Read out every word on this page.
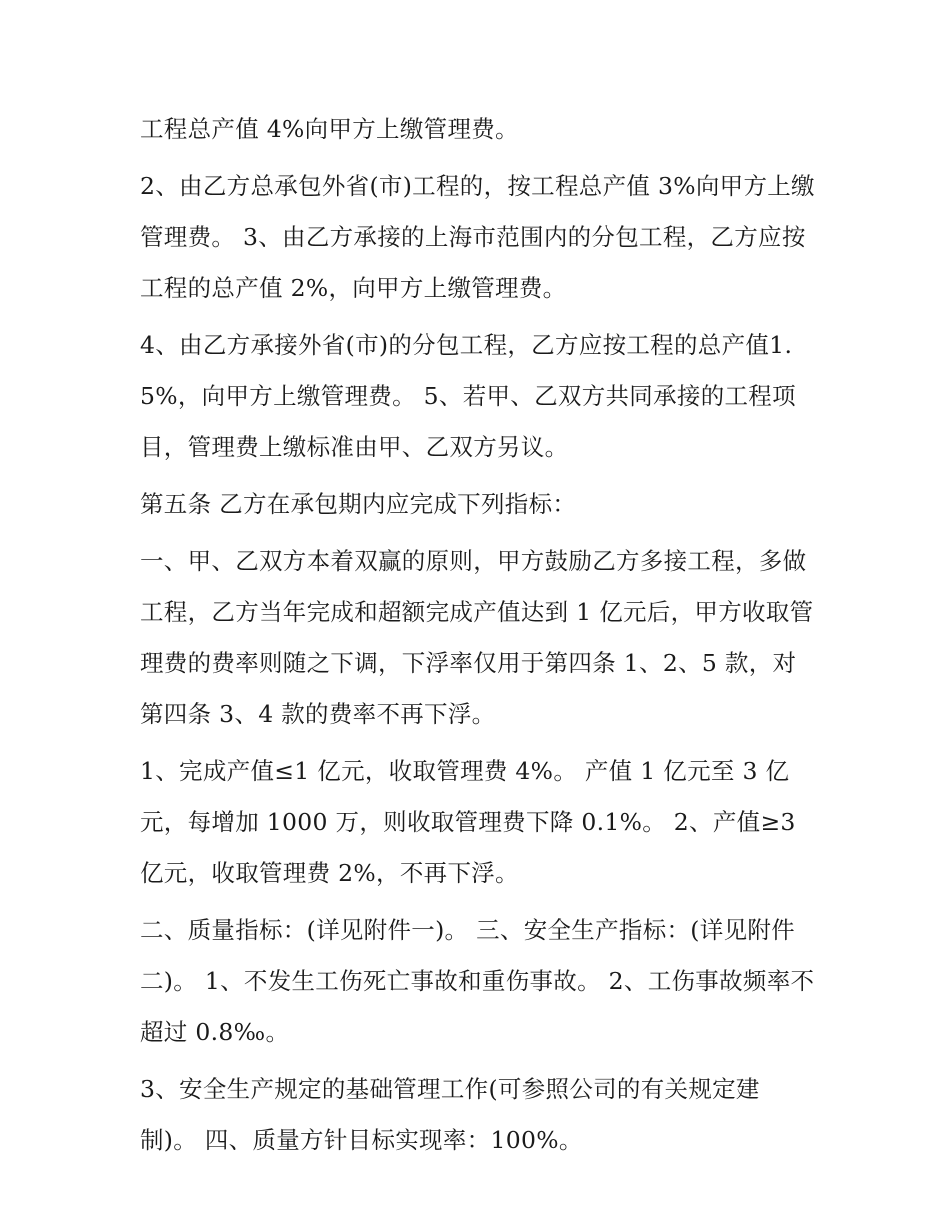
工程总产值 4%向甲方上缴管理费。

2、由乙方总承包外省(市)工程的，按工程总产值 3%向甲方上缴管理费。 3、由乙方承接的上海市范围内的分包工程，乙方应按工程的总产值 2%，向甲方上缴管理费。

4、由乙方承接外省(市)的分包工程，乙方应按工程的总产值1.5%，向甲方上缴管理费。 5、若甲、乙双方共同承接的工程项目，管理费上缴标准由甲、乙双方另议。

第五条 乙方在承包期内应完成下列指标：

一、甲、乙双方本着双赢的原则，甲方鼓励乙方多接工程，多做工程，乙方当年完成和超额完成产值达到 1 亿元后，甲方收取管理费的费率则随之下调，下浮率仅用于第四条 1、2、5 款，对第四条 3、4 款的费率不再下浮。

1、完成产值≤1 亿元，收取管理费 4%。 产值 1 亿元至 3 亿元，每增加 1000 万，则收取管理费下降 0.1%。 2、产值≥3 亿元，收取管理费 2%，不再下浮。

二、质量指标：(详见附件一)。 三、安全生产指标：(详见附件二)。 1、不发生工伤死亡事故和重伤事故。 2、工伤事故频率不超过 0.8‰。

3、安全生产规定的基础管理工作(可参照公司的有关规定建制)。 四、质量方针目标实现率：100%。
